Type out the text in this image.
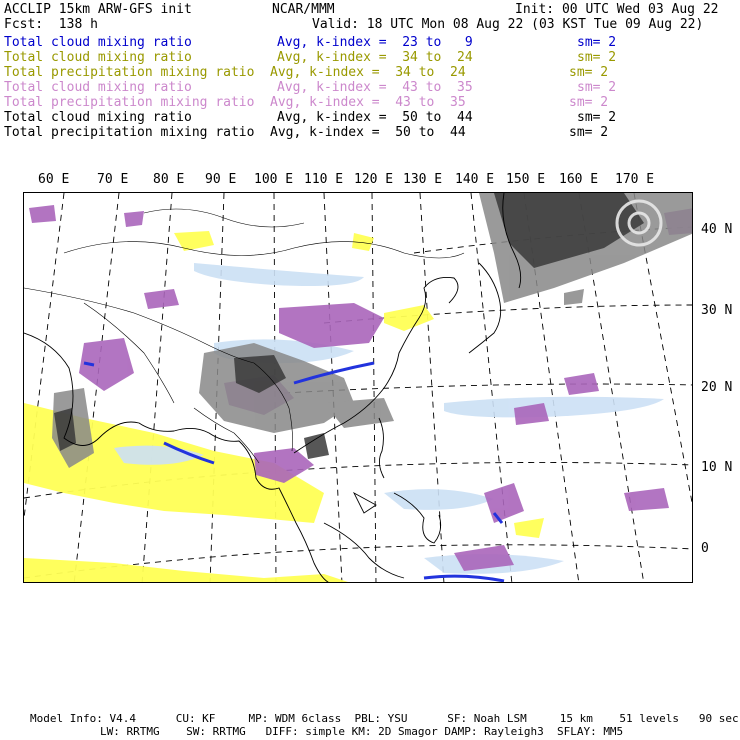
ACCLIP 15km ARW-GFS init	NCAR/MMM	Init: 00 UTC Wed 03 Aug 22
Fcst:  138 h	Valid: 18 UTC Mon 08 Aug 22 (03 KST Tue 09 Aug 22)
Total cloud mixing ratio	Avg, k-index =  23 to   9	sm= 2
Total cloud mixing ratio	Avg, k-index =  34 to  24	sm= 2
Total precipitation mixing ratio Avg, k-index =  34 to  24	sm= 2
Total cloud mixing ratio	Avg, k-index =  43 to  35	sm= 2
Total precipitation mixing ratio Avg, k-index =  43 to  35	sm= 2
Total cloud mixing ratio	Avg, k-index =  50 to  44	sm= 2
Total precipitation mixing ratio Avg, k-index =  50 to  44	sm= 2
60 E 70 E 80 E 90 E 100 E 110 E 120 E 130 E 140 E 150 E 160 E 170 E
40 N
30 N
20 N
10 N
0
Model Info: V4.4      CU: KF     MP: WDM 6class  PBL: YSU      SF: Noah LSM     15 km    51 levels   90 sec
LW: RRTMG    SW: RRTMG   DIFF: simple KM: 2D Smagor DAMP: Rayleigh3  SFLAY: MM5
